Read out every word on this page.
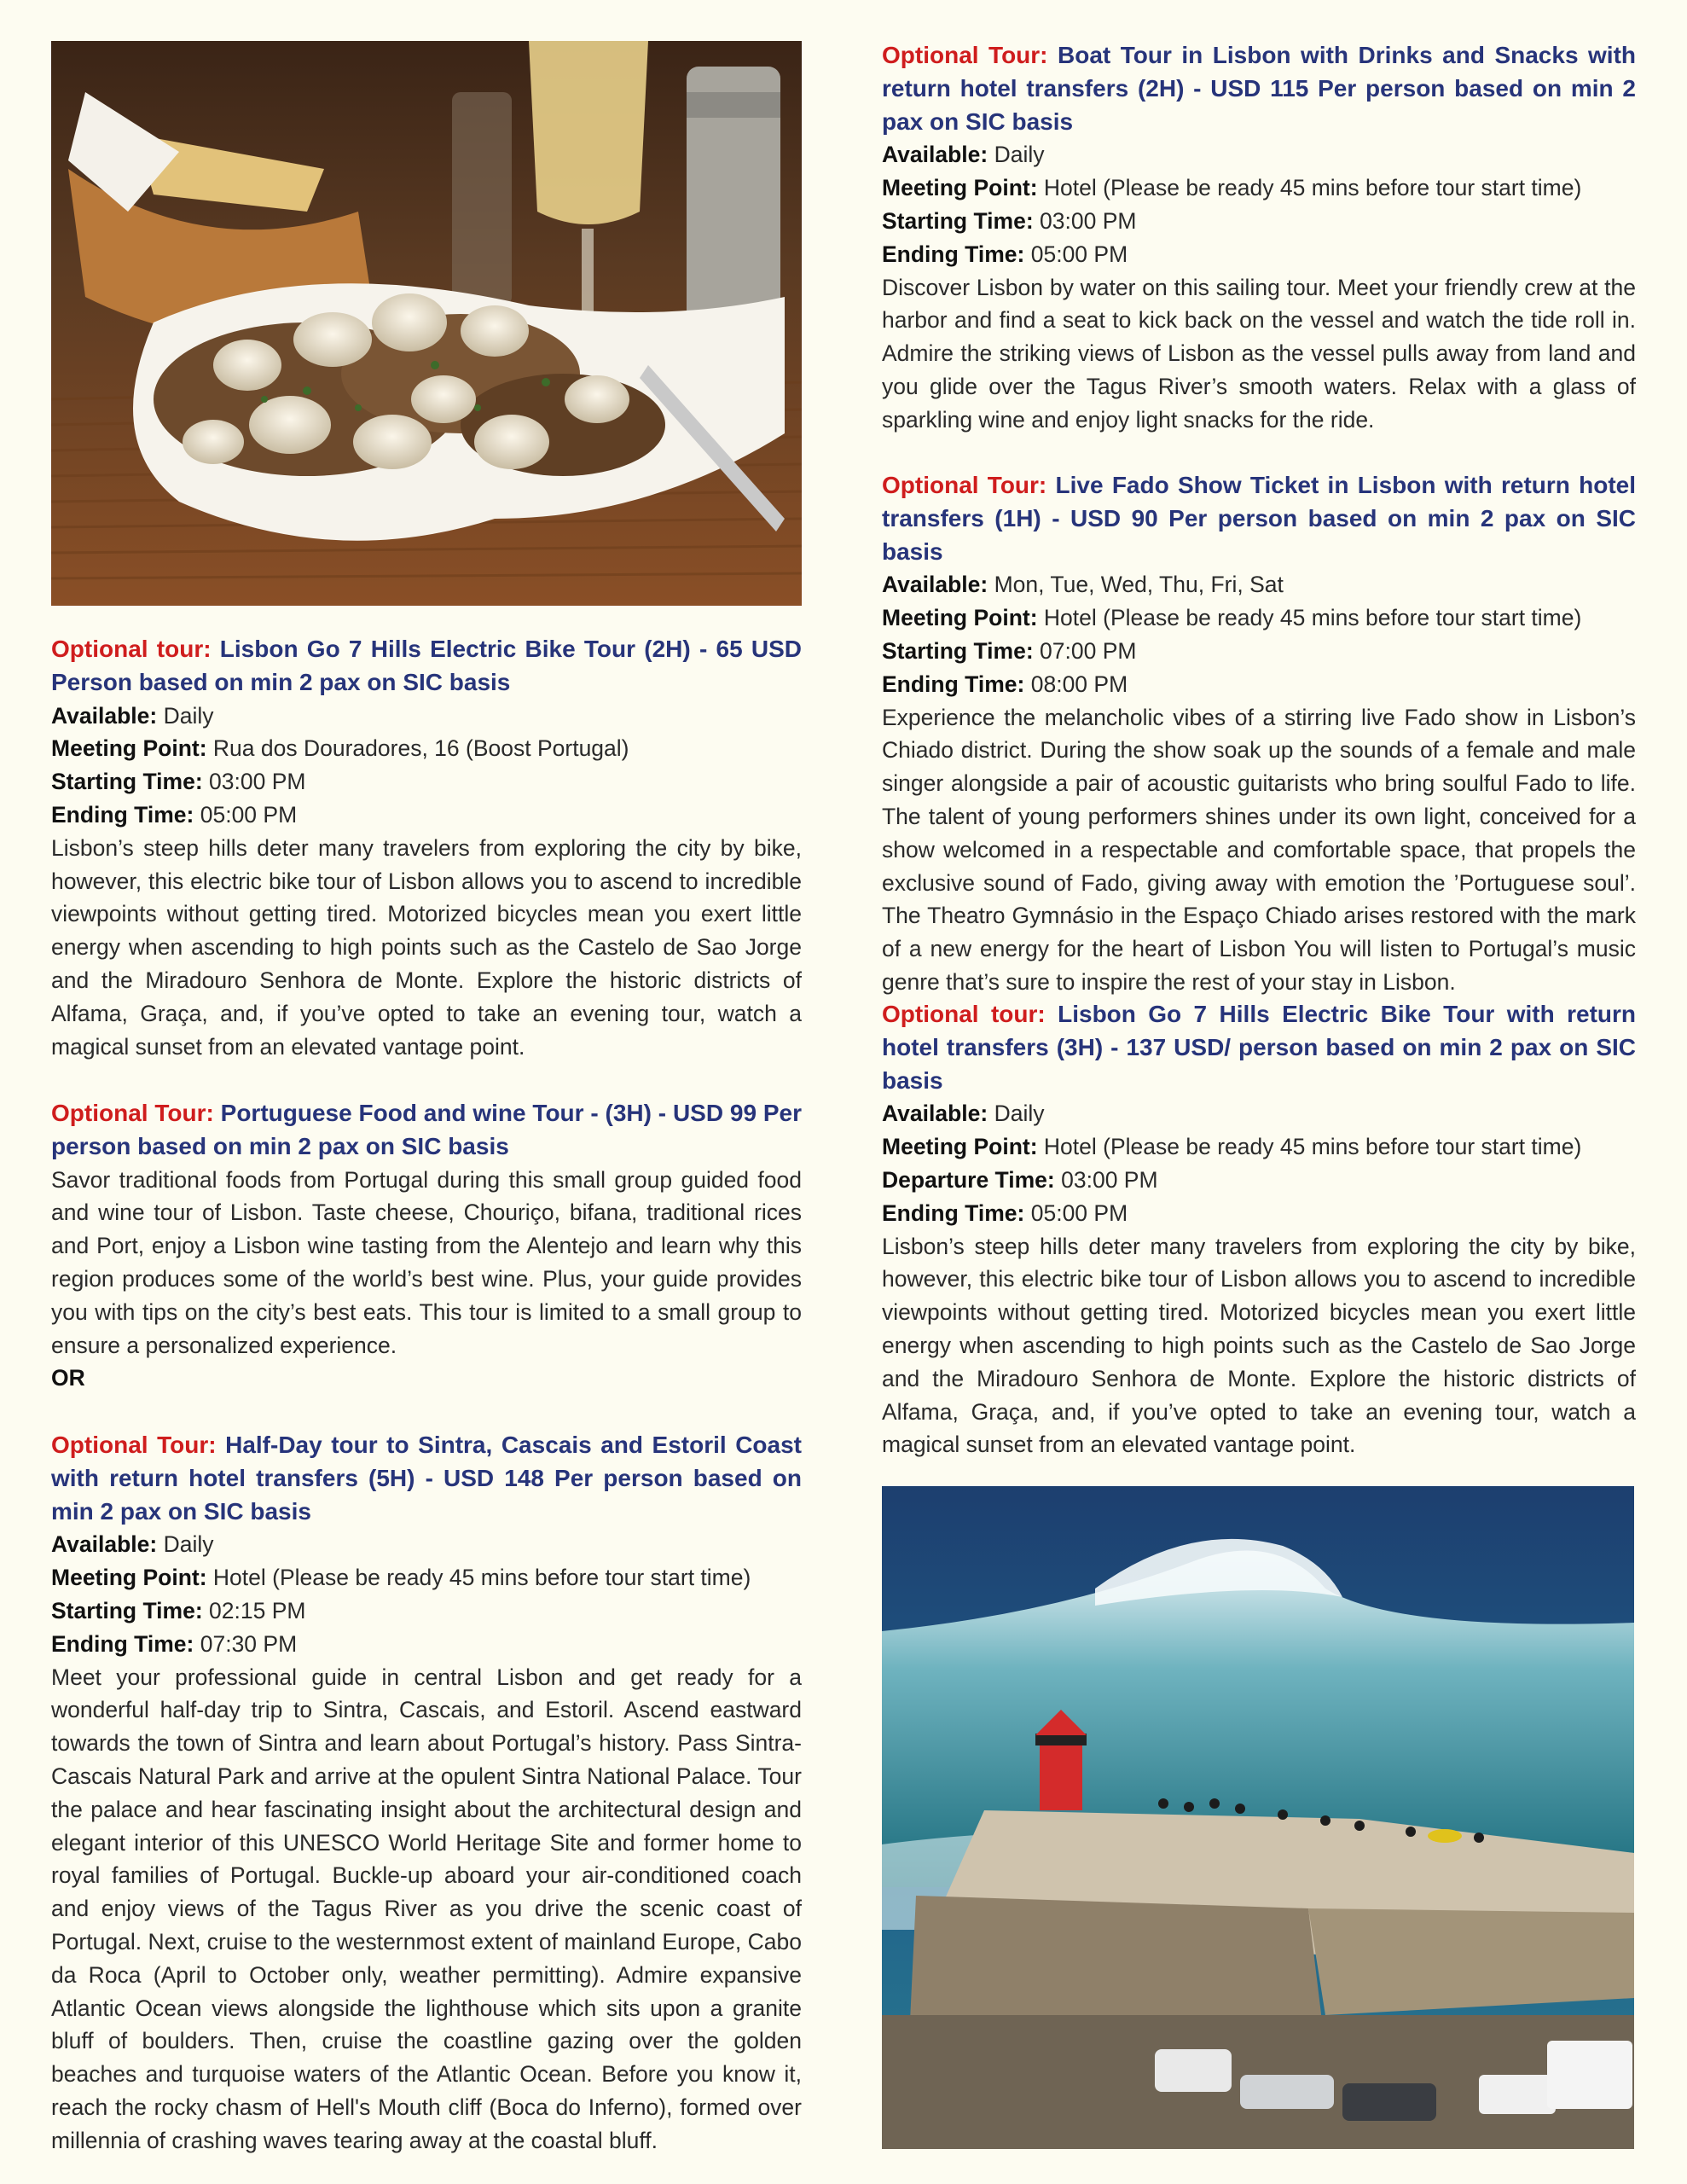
Optional tour: Lisbon Go 7 Hills Electric Bike Tour (2H) - 65 USD Person based on min 2 pax on SIC basis
Available: Daily
Meeting Point: Rua dos Douradores, 16 (Boost Portugal)
Starting Time: 03:00 PM
Ending Time: 05:00 PM

Lisbon’s steep hills deter many travelers from exploring the city by bike, however, this electric bike tour of Lisbon allows you to ascend to incredible viewpoints without getting tired. Motorized bicycles mean you exert little energy when ascending to high points such as the Castelo de Sao Jorge and the Miradouro Senhora de Monte. Explore the historic districts of Alfama, Graça, and, if you’ve opted to take an evening tour, watch a magical sunset from an elevated vantage point.

Optional Tour: Portuguese Food and wine Tour - (3H) - USD 99 Per person based on min 2 pax on SIC basis

Savor traditional foods from Portugal during this small group guided food and wine tour of Lisbon. Taste cheese, Chouriço, bifana, traditional rices and Port, enjoy a Lisbon wine tasting from the Alentejo and learn why this region produces some of the world’s best wine. Plus, your guide provides you with tips on the city’s best eats. This tour is limited to a small group to ensure a personalized experience.

OR
Optional Tour: Half-Day tour to Sintra, Cascais and Estoril Coast with return hotel transfers (5H) - USD 148 Per person based on min 2 pax on SIC basis
Available: Daily
Meeting Point: Hotel (Please be ready 45 mins before tour start time)
Starting Time: 02:15 PM
Ending Time: 07:30 PM

Meet your professional guide in central Lisbon and get ready for a wonderful half-day trip to Sintra, Cascais, and Estoril. Ascend eastward towards the town of Sintra and learn about Portugal’s history. Pass Sintra-Cascais Natural Park and arrive at the opulent Sintra National Palace. Tour the palace and hear fascinating insight about the architectural design and elegant interior of this UNESCO World Heritage Site and former home to royal families of Portugal. Buckle-up aboard your air-conditioned coach and enjoy views of the Tagus River as you drive the scenic coast of Portugal. Next, cruise to the westernmost extent of mainland Europe, Cabo da Roca (April to October only, weather permitting). Admire expansive Atlantic Ocean views alongside the lighthouse which sits upon a granite bluff of boulders. Then, cruise the coastline gazing over the golden beaches and turquoise waters of the Atlantic Ocean. Before you know it, reach the rocky chasm of Hell's Mouth cliff (Boca do Inferno), formed over millennia of crashing waves tearing away at the coastal bluff.

Optional Tour: Boat Tour in Lisbon with Drinks and Snacks with return hotel transfers (2H) - USD 115 Per person based on min 2 pax on SIC basis
Available: Daily
Meeting Point: Hotel (Please be ready 45 mins before tour start time)
Starting Time: 03:00 PM
Ending Time: 05:00 PM

Discover Lisbon by water on this sailing tour. Meet your friendly crew at the harbor and find a seat to kick back on the vessel and watch the tide roll in. Admire the striking views of Lisbon as the vessel pulls away from land and you glide over the Tagus River’s smooth waters. Relax with a glass of sparkling wine and enjoy light snacks for the ride.

Optional Tour: Live Fado Show Ticket in Lisbon with return hotel transfers (1H) - USD 90 Per person based on min 2 pax on SIC basis
Available: Mon, Tue, Wed, Thu, Fri, Sat
Meeting Point: Hotel (Please be ready 45 mins before tour start time)
Starting Time: 07:00 PM
Ending Time: 08:00 PM

Experience the melancholic vibes of a stirring live Fado show in Lisbon’s Chiado district. During the show soak up the sounds of a female and male singer alongside a pair of acoustic guitarists who bring soulful Fado to life. The talent of young performers shines under its own light, conceived for a show welcomed in a respectable and comfortable space, that propels the exclusive sound of Fado, giving away with emotion the ’Portuguese soul’. The Theatro Gymnásio in the Espaço Chiado arises restored with the mark of a new energy for the heart of Lisbon You will listen to Portugal’s music genre that’s sure to inspire the rest of your stay in Lisbon.

Optional tour: Lisbon Go 7 Hills Electric Bike Tour with return hotel transfers (3H) - 137 USD/ person based on min 2 pax on SIC basis
Available: Daily
Meeting Point: Hotel (Please be ready 45 mins before tour start time)
Departure Time: 03:00 PM
Ending Time: 05:00 PM

Lisbon’s steep hills deter many travelers from exploring the city by bike, however, this electric bike tour of Lisbon allows you to ascend to incredible viewpoints without getting tired. Motorized bicycles mean you exert little energy when ascending to high points such as the Castelo de Sao Jorge and the Miradouro Senhora de Monte. Explore the historic districts of Alfama, Graça, and, if you’ve opted to take an evening tour, watch a magical sunset from an elevated vantage point.
